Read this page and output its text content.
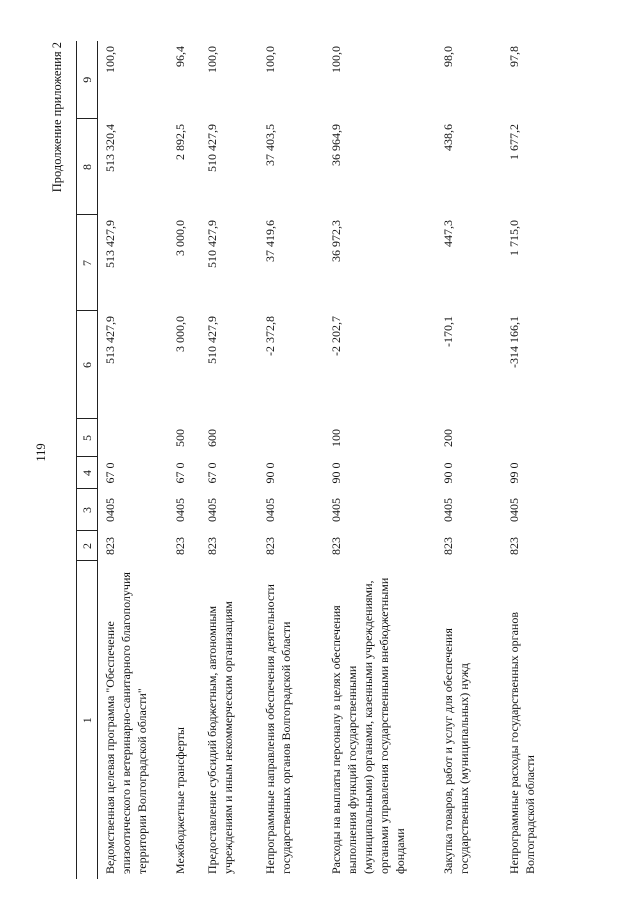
119
Продолжение приложения 2
1	2	3	4	5	6	7	8	9
Ведомственная целевая программа "Обеспечение эпизоотического и ветеринарно-санитарного благополучия территории Волгоградской области"	823	0405	67 0		513 427,9	513 427,9	513 320,4	100,0
Межбюджетные трансферты	823	0405	67 0	500	3 000,0	3 000,0	2 892,5	96,4
Предоставление субсидий бюджетным, автономным учреждениям и иным некоммерческим организациям	823	0405	67 0	600	510 427,9	510 427,9	510 427,9	100,0
Непрограммные направления обеспечения деятельности государственных органов Волгоградской области	823	0405	90 0		-2 372,8	37 419,6	37 403,5	100,0
Расходы на выплаты персоналу в целях обеспечения выполнения функций государственными (муниципальными) органами, казенными учреждениями, органами управления государственными внебюджетными фондами	823	0405	90 0	100	-2 202,7	36 972,3	36 964,9	100,0
Закупка товаров, работ и услуг для обеспечения государственных (муниципальных) нужд	823	0405	90 0	200	-170,1	447,3	438,6	98,0
Непрограммные расходы государственных органов Волгоградской области	823	0405	99 0		-314 166,1	1 715,0	1 677,2	97,8
